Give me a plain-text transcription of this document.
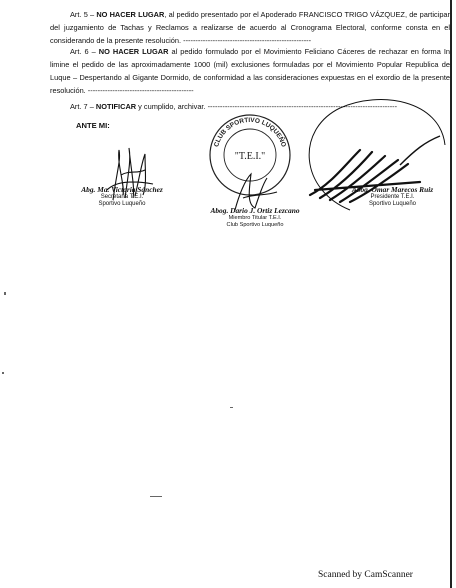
Art. 5 – NO HACER LUGAR, al pedido presentado por el Apoderado FRANCISCO TRIGO VÁZQUEZ, de participar del juzgamiento de Tachas y Reclamos a realizarse de acuerdo al Cronograma Electoral, conforme consta en el considerando de la presente resolución. ----------------------------------------------------

Art. 6 – NO HACER LUGAR al pedido formulado por el Movimiento Feliciano Cáceres de rechazar en forma In limine el pedido de las aproximadamente 1000 (mil) exclusiones formuladas por el Movimiento Popular Republica de Luque – Despertando al Gigante Dormido, de conformidad a las consideraciones expuestas en el exordio de la presente resolución. -------------------------------------------

Art. 7 – NOTIFICAR y cumplido, archivar. -----------------------------------------------------------------------------

ANTE MI:
Abg. Ma. Victoria Sánchez
Secretaria T.E.I.
Sportivo Luqueño
CLUB SPORTIVO LUQUEÑO
"T.E.I."
Abog. Dario J. Ortiz Lezcano
Miembro Titular T.E.I.
Club Sportivo Luqueño
Abog. Omar Marecos Ruiz
Presidente T.E.I.
Sportivo Luqueño
Scanned by CamScanner
